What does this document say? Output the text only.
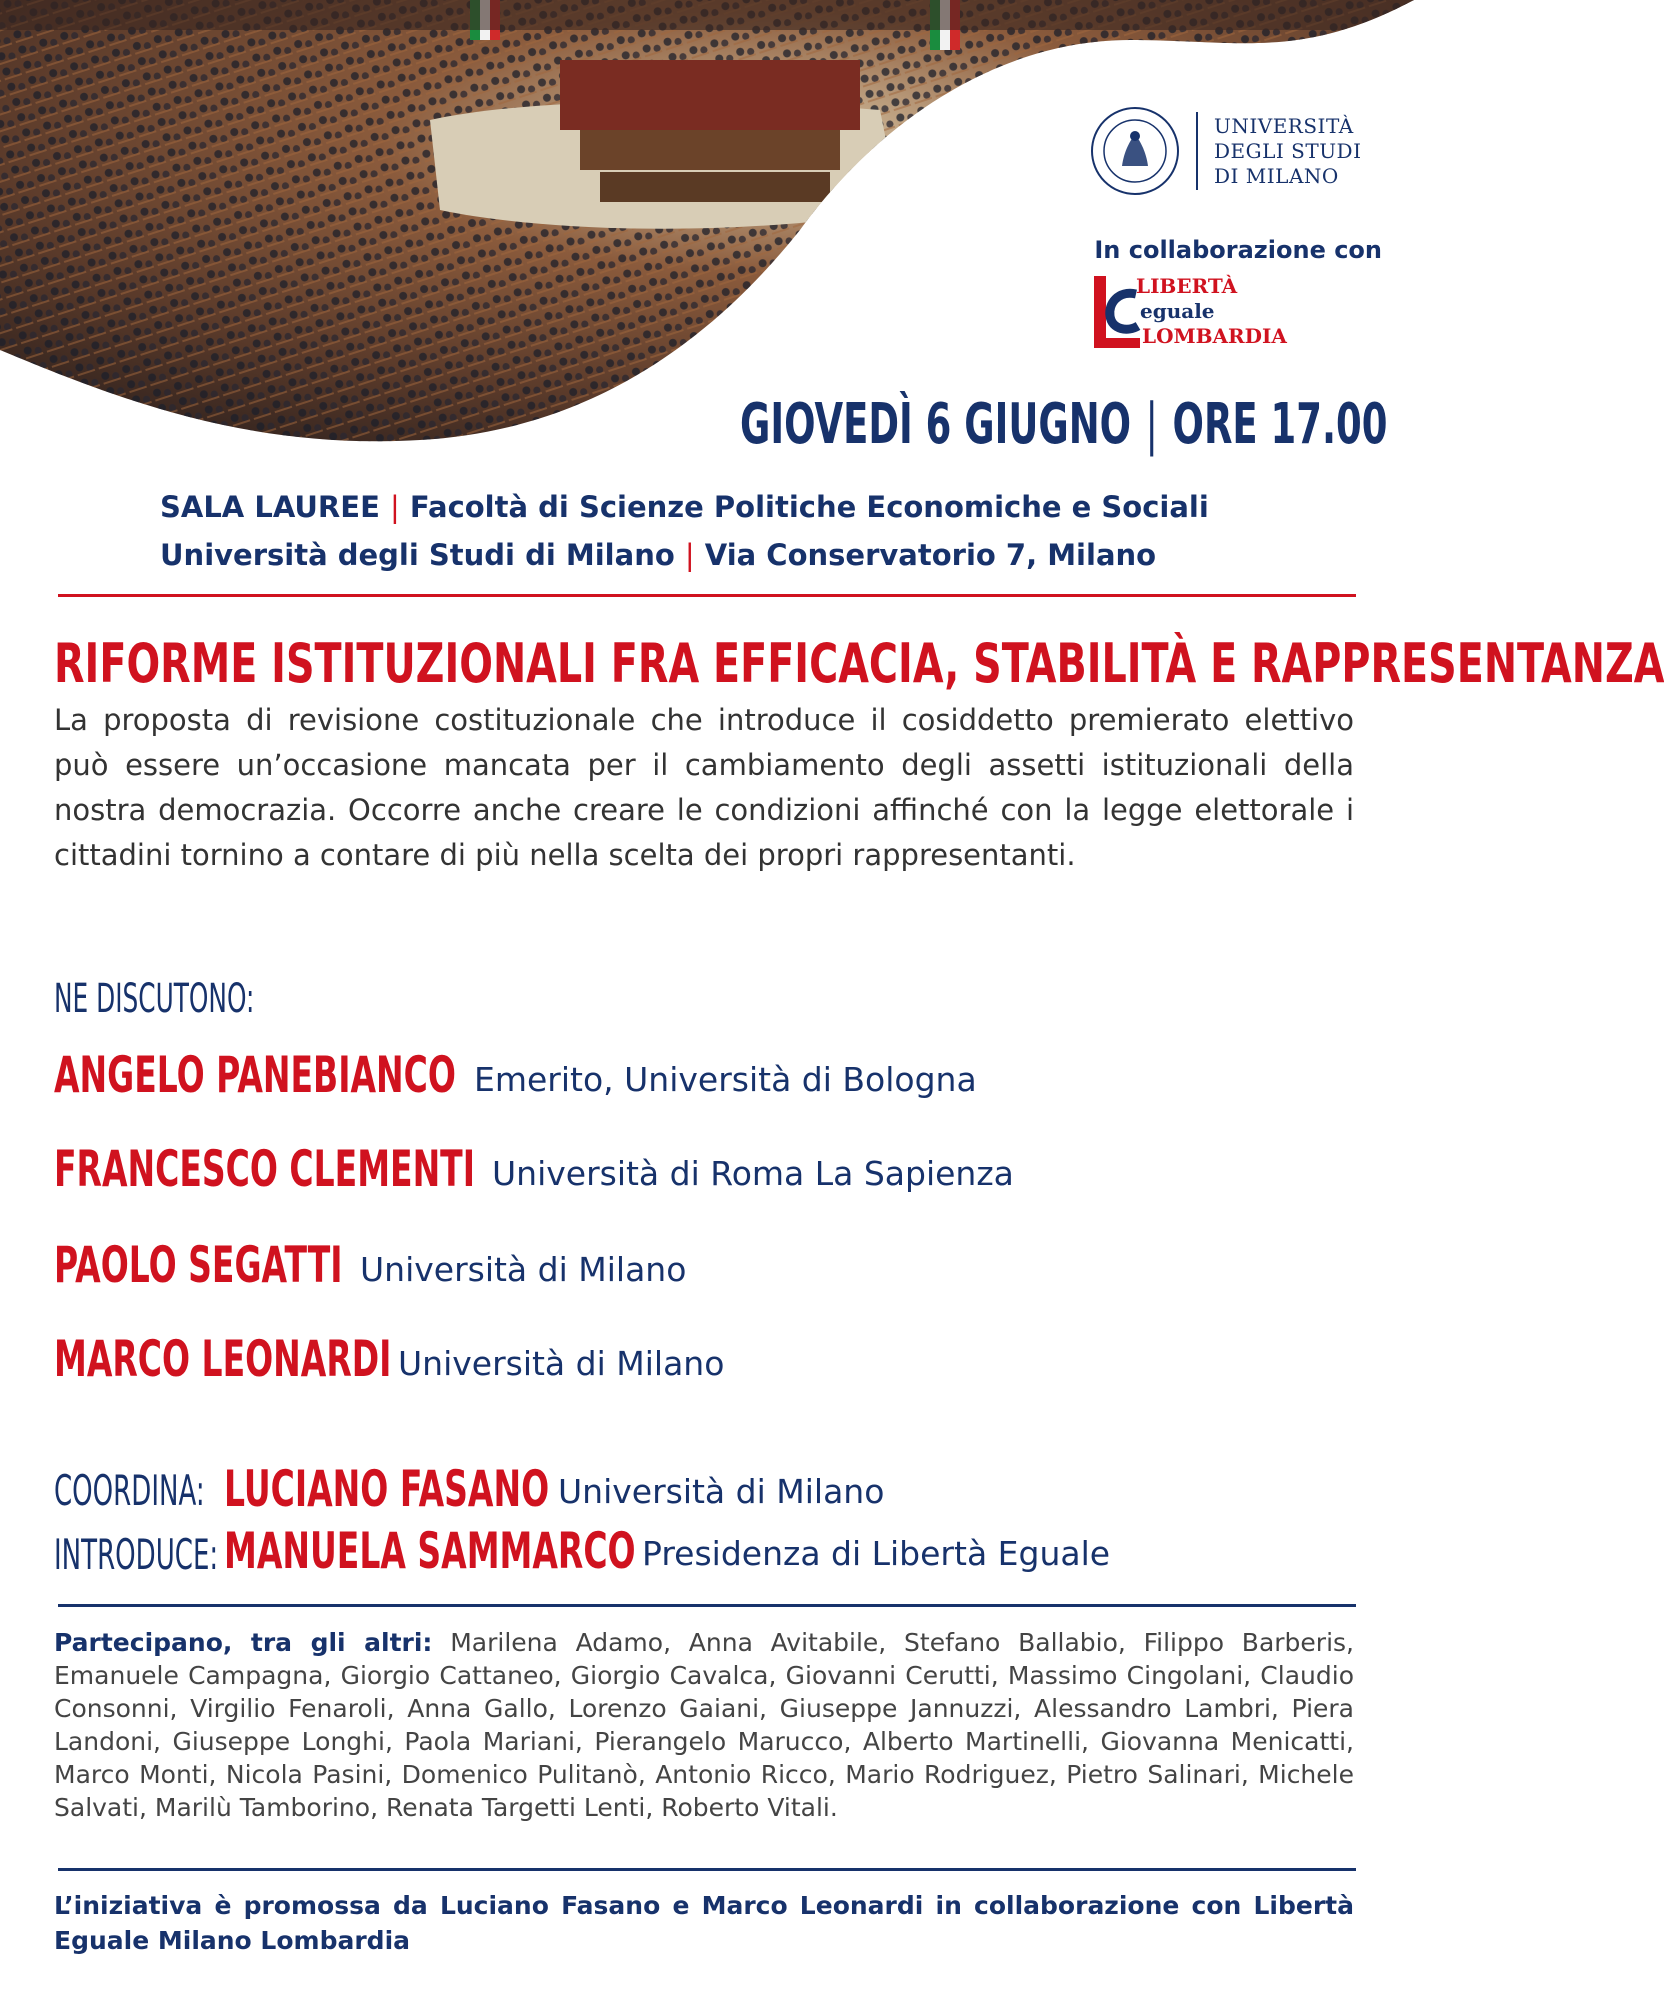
UNIVERSITÀ
DEGLI STUDI
DI MILANO
In collaborazione con
LIBERTÀ
eguale
LOMBARDIA
GIOVEDÌ 6 GIUGNO | ORE 17.00
SALA LAUREE | Facoltà di Scienze Politiche Economiche e Sociali
Università degli Studi di Milano | Via Conservatorio 7, Milano
RIFORME ISTITUZIONALI FRA EFFICACIA, STABILITÀ E RAPPRESENTANZA
La proposta di revisione costituzionale che introduce il cosiddetto premierato elettivo può essere un’occasione mancata per il cambiamento degli assetti istituzionali della nostra democrazia. Occorre anche creare le condizioni affinché con la legge elettorale i cittadini tornino a contare di più nella scelta dei propri rappresentanti.
NE DISCUTONO:
ANGELO PANEBIANCO Emerito, Università di Bologna
FRANCESCO CLEMENTI Università di Roma La Sapienza
PAOLO SEGATTI Università di Milano
MARCO LEONARDI Università di Milano
COORDINA: LUCIANO FASANO Università di Milano
INTRODUCE: MANUELA SAMMARCO Presidenza di Libertà Eguale
Partecipano, tra gli altri: Marilena Adamo, Anna Avitabile, Stefano Ballabio, Filippo Barberis, Emanuele Campagna, Giorgio Cattaneo, Giorgio Cavalca, Giovanni Cerutti, Massimo Cingolani, Claudio Consonni, Virgilio Fenaroli, Anna Gallo, Lorenzo Gaiani, Giuseppe Jannuzzi, Alessandro Lambri, Piera Landoni, Giuseppe Longhi, Paola Mariani, Pierangelo Marucco, Alberto Martinelli, Giovanna Menicatti, Marco Monti, Nicola Pasini, Domenico Pulitanò, Antonio Ricco, Mario Rodriguez, Pietro Salinari, Michele Salvati, Marilù Tamborino, Renata Targetti Lenti, Roberto Vitali.
L’iniziativa è promossa da Luciano Fasano e Marco Leonardi in collaborazione con Libertà Eguale Milano Lombardia
